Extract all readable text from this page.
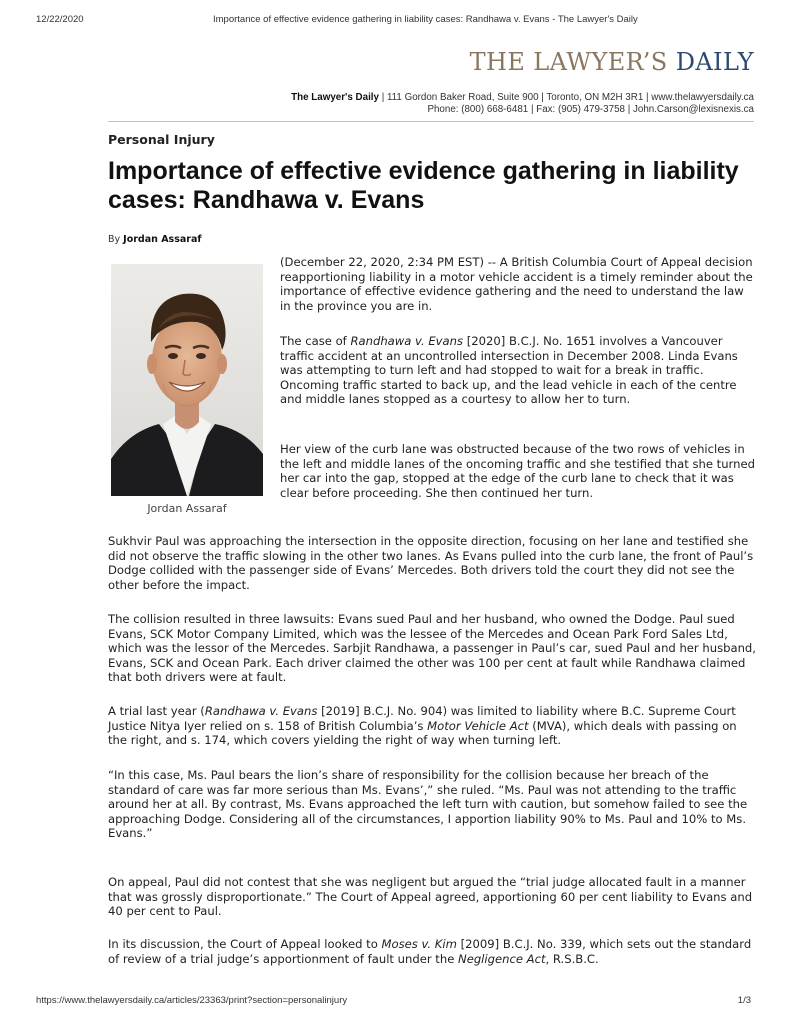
12/22/2020	Importance of effective evidence gathering in liability cases: Randhawa v. Evans - The Lawyer's Daily
THE LAWYER’S DAILY
The Lawyer's Daily | 111 Gordon Baker Road, Suite 900 | Toronto, ON M2H 3R1 | www.thelawyersdaily.ca
Phone: (800) 668-6481 | Fax: (905) 479-3758 | John.Carson@lexisnexis.ca
Personal Injury
Importance of effective evidence gathering in liability cases: Randhawa v. Evans
By Jordan Assaraf
Jordan Assaraf
(December 22, 2020, 2:34 PM EST) -- A British Columbia Court of Appeal decision reapportioning liability in a motor vehicle accident is a timely reminder about the importance of effective evidence gathering and the need to understand the law in the province you are in.
The case of Randhawa v. Evans [2020] B.C.J. No. 1651 involves a Vancouver traffic accident at an uncontrolled intersection in December 2008. Linda Evans was attempting to turn left and had stopped to wait for a break in traffic. Oncoming traffic started to back up, and the lead vehicle in each of the centre and middle lanes stopped as a courtesy to allow her to turn.
Her view of the curb lane was obstructed because of the two rows of vehicles in the left and middle lanes of the oncoming traffic and she testified that she turned her car into the gap, stopped at the edge of the curb lane to check that it was clear before proceeding. She then continued her turn.
Sukhvir Paul was approaching the intersection in the opposite direction, focusing on her lane and testified she did not observe the traffic slowing in the other two lanes. As Evans pulled into the curb lane, the front of Paul’s Dodge collided with the passenger side of Evans’ Mercedes. Both drivers told the court they did not see the other before the impact.
The collision resulted in three lawsuits: Evans sued Paul and her husband, who owned the Dodge. Paul sued Evans, SCK Motor Company Limited, which was the lessee of the Mercedes and Ocean Park Ford Sales Ltd, which was the lessor of the Mercedes. Sarbjit Randhawa, a passenger in Paul’s car, sued Paul and her husband, Evans, SCK and Ocean Park. Each driver claimed the other was 100 per cent at fault while Randhawa claimed that both drivers were at fault.
A trial last year (Randhawa v. Evans [2019] B.C.J. No. 904) was limited to liability where B.C. Supreme Court Justice Nitya Iyer relied on s. 158 of British Columbia’s Motor Vehicle Act (MVA), which deals with passing on the right, and s. 174, which covers yielding the right of way when turning left.
“In this case, Ms. Paul bears the lion’s share of responsibility for the collision because her breach of the standard of care was far more serious than Ms. Evans’,” she ruled. “Ms. Paul was not attending to the traffic around her at all. By contrast, Ms. Evans approached the left turn with caution, but somehow failed to see the approaching Dodge. Considering all of the circumstances, I apportion liability 90% to Ms. Paul and 10% to Ms. Evans.”
On appeal, Paul did not contest that she was negligent but argued the “trial judge allocated fault in a manner that was grossly disproportionate.” The Court of Appeal agreed, apportioning 60 per cent liability to Evans and 40 per cent to Paul.
In its discussion, the Court of Appeal looked to Moses v. Kim [2009] B.C.J. No. 339, which sets out the standard of review of a trial judge’s apportionment of fault under the Negligence Act, R.S.B.C.
https://www.thelawyersdaily.ca/articles/23363/print?section=personalinjury	1/3
